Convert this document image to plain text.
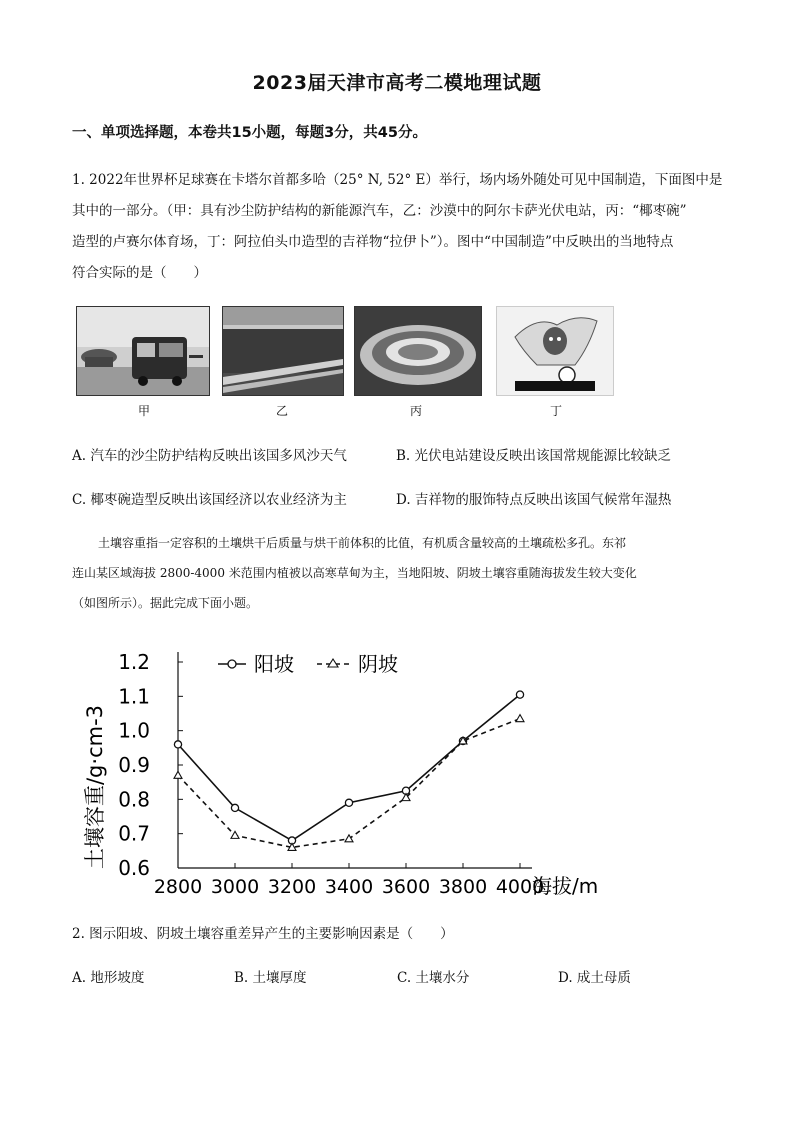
2023届天津市高考二模地理试题
一、单项选择题，本卷共15小题，每题3分，共45分。
1. 2022年世界杯足球赛在卡塔尔首都多哈（25° N, 52° E）举行，场内场外随处可见中国制造，下面图中是
其中的一部分。（甲：具有沙尘防护结构的新能源汽车，乙：沙漠中的阿尔卡萨光伏电站，丙：“椰枣碗”
造型的卢赛尔体育场，丁：阿拉伯头巾造型的吉祥物“拉伊卜”）。图中“中国制造”中反映出的当地特点
符合实际的是（　　）
甲	乙	丙	丁
A. 汽车的沙尘防护结构反映出该国多风沙天气	B. 光伏电站建设反映出该国常规能源比较缺乏
C. 椰枣碗造型反映出该国经济以农业经济为主	D. 吉祥物的服饰特点反映出该国气候常年湿热
土壤容重指一定容积的土壤烘干后质量与烘干前体积的比值，有机质含量较高的土壤疏松多孔。东祁
连山某区域海拔 2800-4000 米范围内植被以高寒草甸为主，当地阳坡、阴坡土壤容重随海拔发生较大变化
（如图所示）。据此完成下面小题。
0.6
0.7
0.8
0.9
1.0
1.1
1.2
2800 3000 3200 3400 3600 3800 4000
阳坡	阴坡
土壤容重/g·cm-3
海拔/m
2. 图示阳坡、阴坡土壤容重差异产生的主要影响因素是（　　）
A. 地形坡度	B. 土壤厚度	C. 土壤水分	D. 成土母质
